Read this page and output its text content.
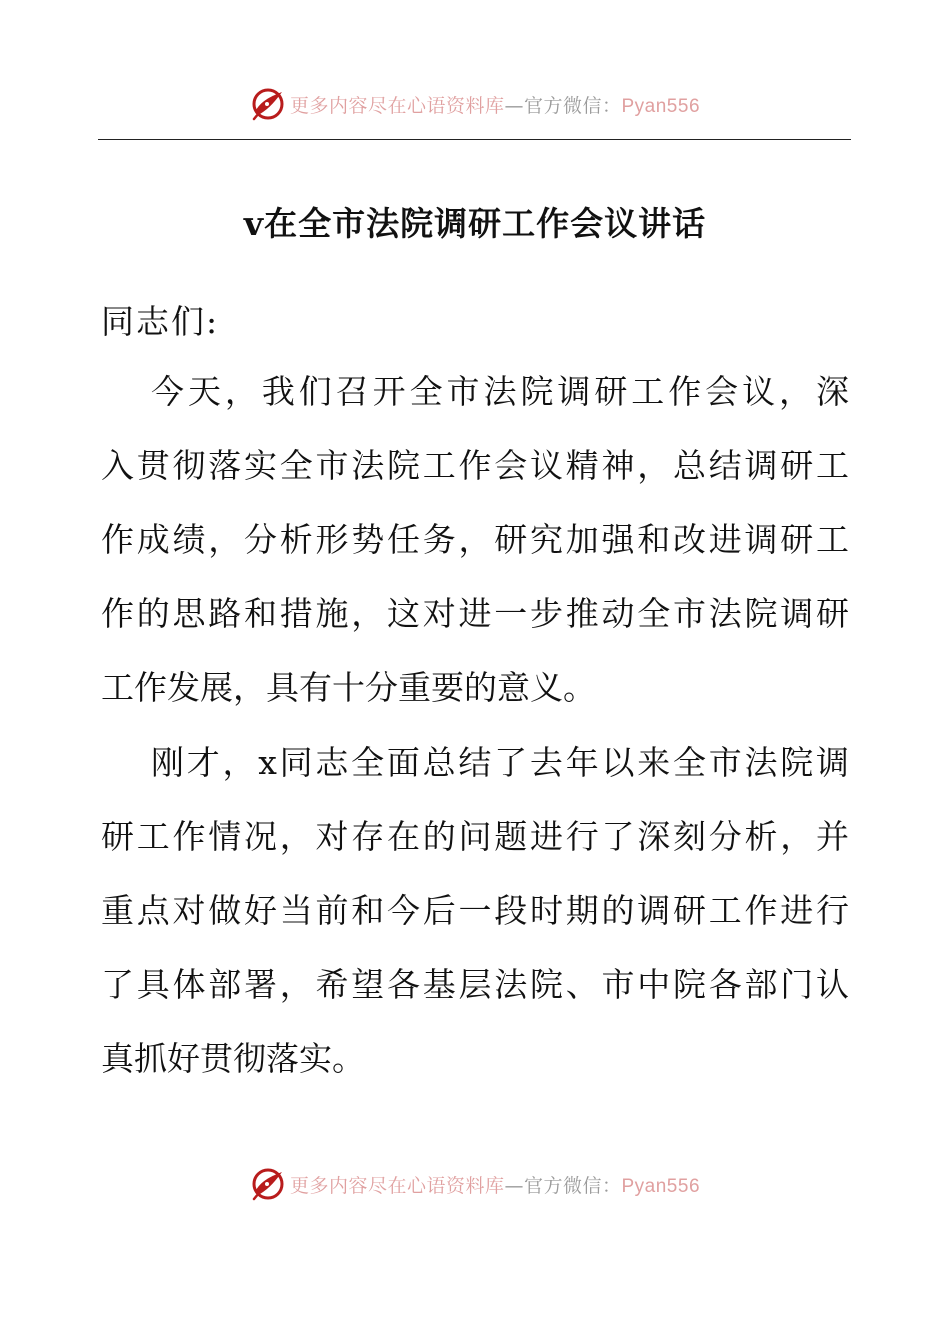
更多内容尽在心语资料库—官方微信：Pyan556
v在全市法院调研工作会议讲话
同志们:
今天，我们召开全市法院调研工作会议，深
入贯彻落实全市法院工作会议精神，总结调研工
作成绩，分析形势任务，研究加强和改进调研工
作的思路和措施，这对进一步推动全市法院调研
工作发展，具有十分重要的意义。
刚才，x同志全面总结了去年以来全市法院调
研工作情况，对存在的问题进行了深刻分析，并
重点对做好当前和今后一段时期的调研工作进行
了具体部署，希望各基层法院、市中院各部门认
真抓好贯彻落实。
更多内容尽在心语资料库—官方微信：Pyan556
